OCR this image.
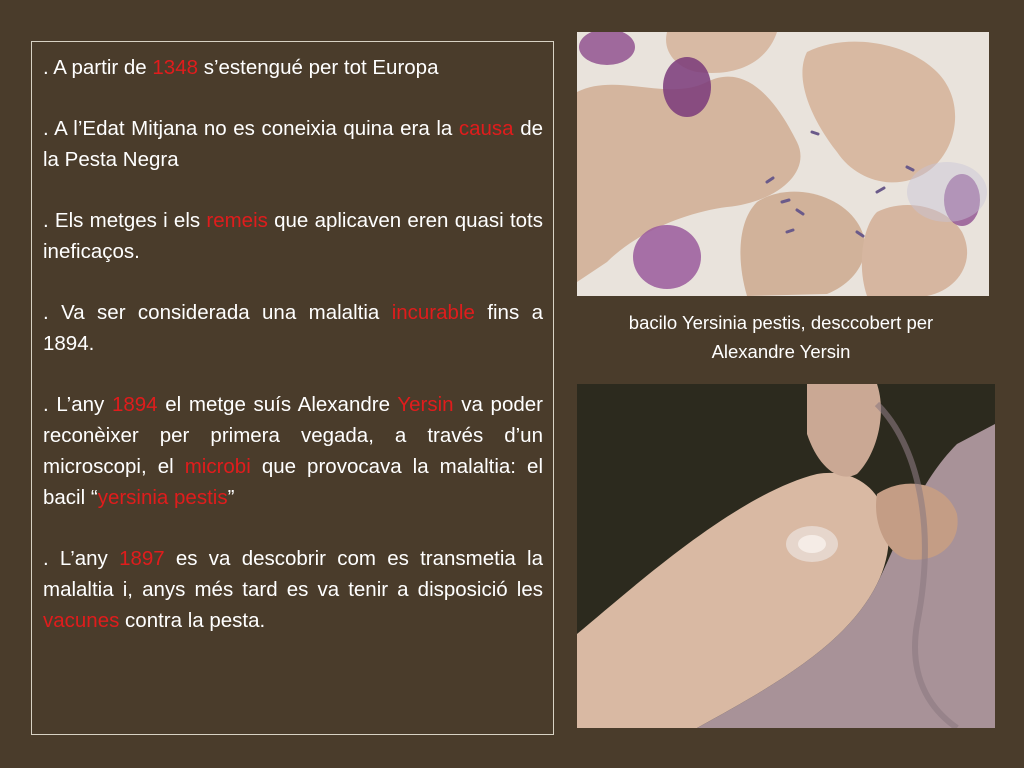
. A partir de 1348 s’estengué per tot Europa

. A l’Edat Mitjana no es coneixia quina era la causa de la Pesta Negra

. Els metges i els remeis que aplicaven eren quasi tots ineficaços.

. Va ser considerada una malaltia incurable fins a 1894.

. L’any 1894 el metge suís Alexandre Yersin va poder reconèixer per primera vegada, a través d’un microscopi, el microbi que provocava la malaltia: el bacil “yersinia pestis”

. L’any 1897 es va descobrir com es transmetia la malaltia i, anys més tard es va tenir a disposició les vacunes contra la pesta.

bacilo Yersinia pestis, desccobert per
Alexandre Yersin
